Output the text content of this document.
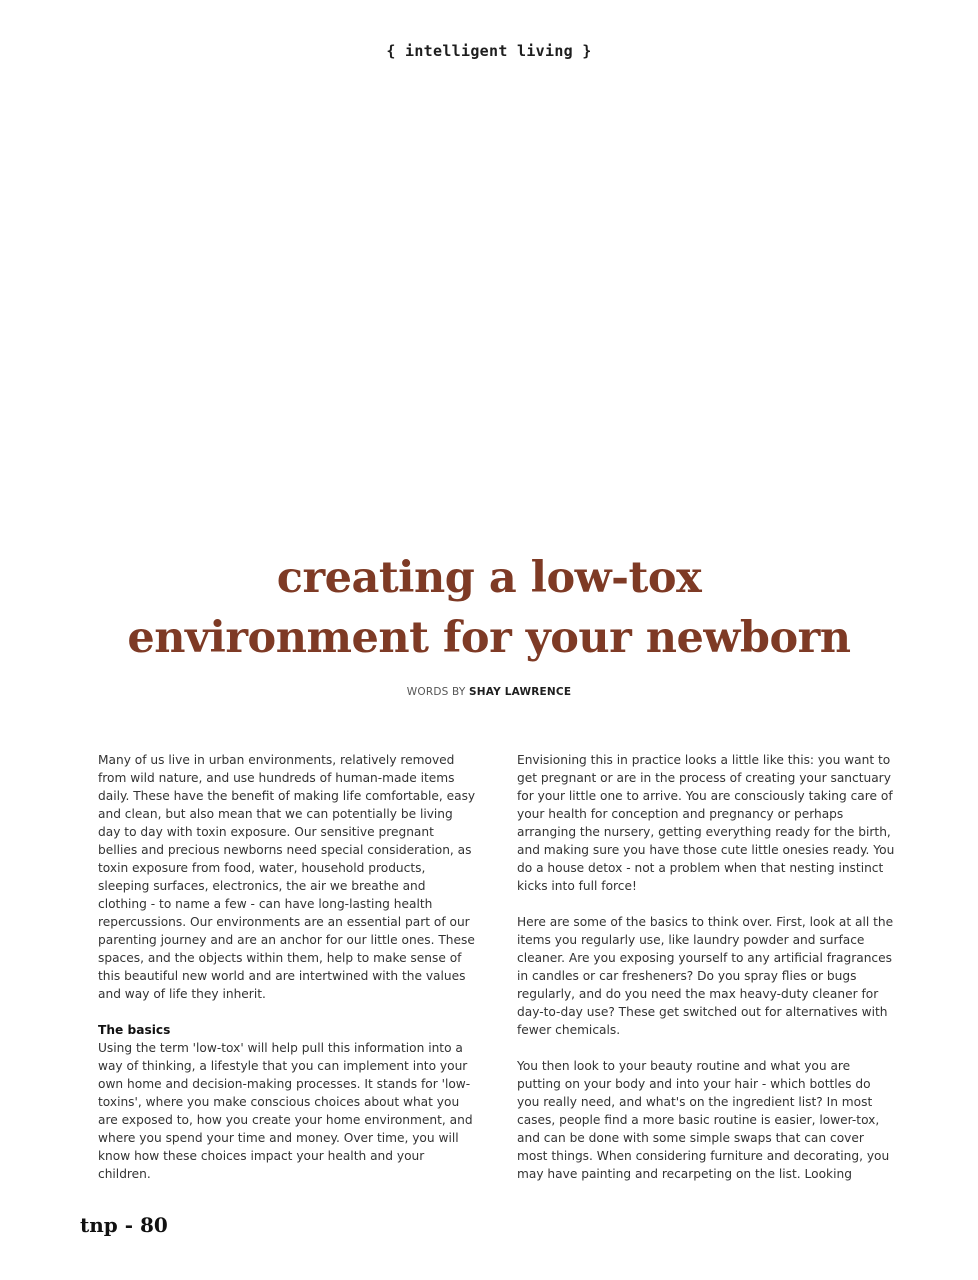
{ intelligent living }
creating a low-tox
environment for your newborn
WORDS BY SHAY LAWRENCE

Many of us live in urban environments, relatively removed from wild nature, and use hundreds of human-made items daily. These have the benefit of making life comfortable, easy and clean, but also mean that we can potentially be living day to day with toxin exposure. Our sensitive pregnant bellies and precious newborns need special consideration, as toxin exposure from food, water, household products, sleeping surfaces, electronics, the air we breathe and clothing - to name a few - can have long-lasting health repercussions. Our environments are an essential part of our parenting journey and are an anchor for our little ones. These spaces, and the objects within them, help to make sense of this beautiful new world and are intertwined with the values and way of life they inherit.

The basics

Using the term 'low-tox' will help pull this information into a way of thinking, a lifestyle that you can implement into your own home and decision-making processes. It stands for 'low-toxins', where you make conscious choices about what you are exposed to, how you create your home environment, and where you spend your time and money. Over time, you will know how these choices impact your health and your children.

Envisioning this in practice looks a little like this: you want to get pregnant or are in the process of creating your sanctuary for your little one to arrive. You are consciously taking care of your health for conception and pregnancy or perhaps arranging the nursery, getting everything ready for the birth, and making sure you have those cute little onesies ready. You do a house detox - not a problem when that nesting instinct kicks into full force!

Here are some of the basics to think over. First, look at all the items you regularly use, like laundry powder and surface cleaner. Are you exposing yourself to any artificial fragrances in candles or car fresheners? Do you spray flies or bugs regularly, and do you need the max heavy-duty cleaner for day-to-day use? These get switched out for alternatives with fewer chemicals.

You then look to your beauty routine and what you are putting on your body and into your hair - which bottles do you really need, and what's on the ingredient list? In most cases, people find a more basic routine is easier, lower-tox, and can be done with some simple swaps that can cover most things. When considering furniture and decorating, you may have painting and recarpeting on the list. Looking

tnp - 80
